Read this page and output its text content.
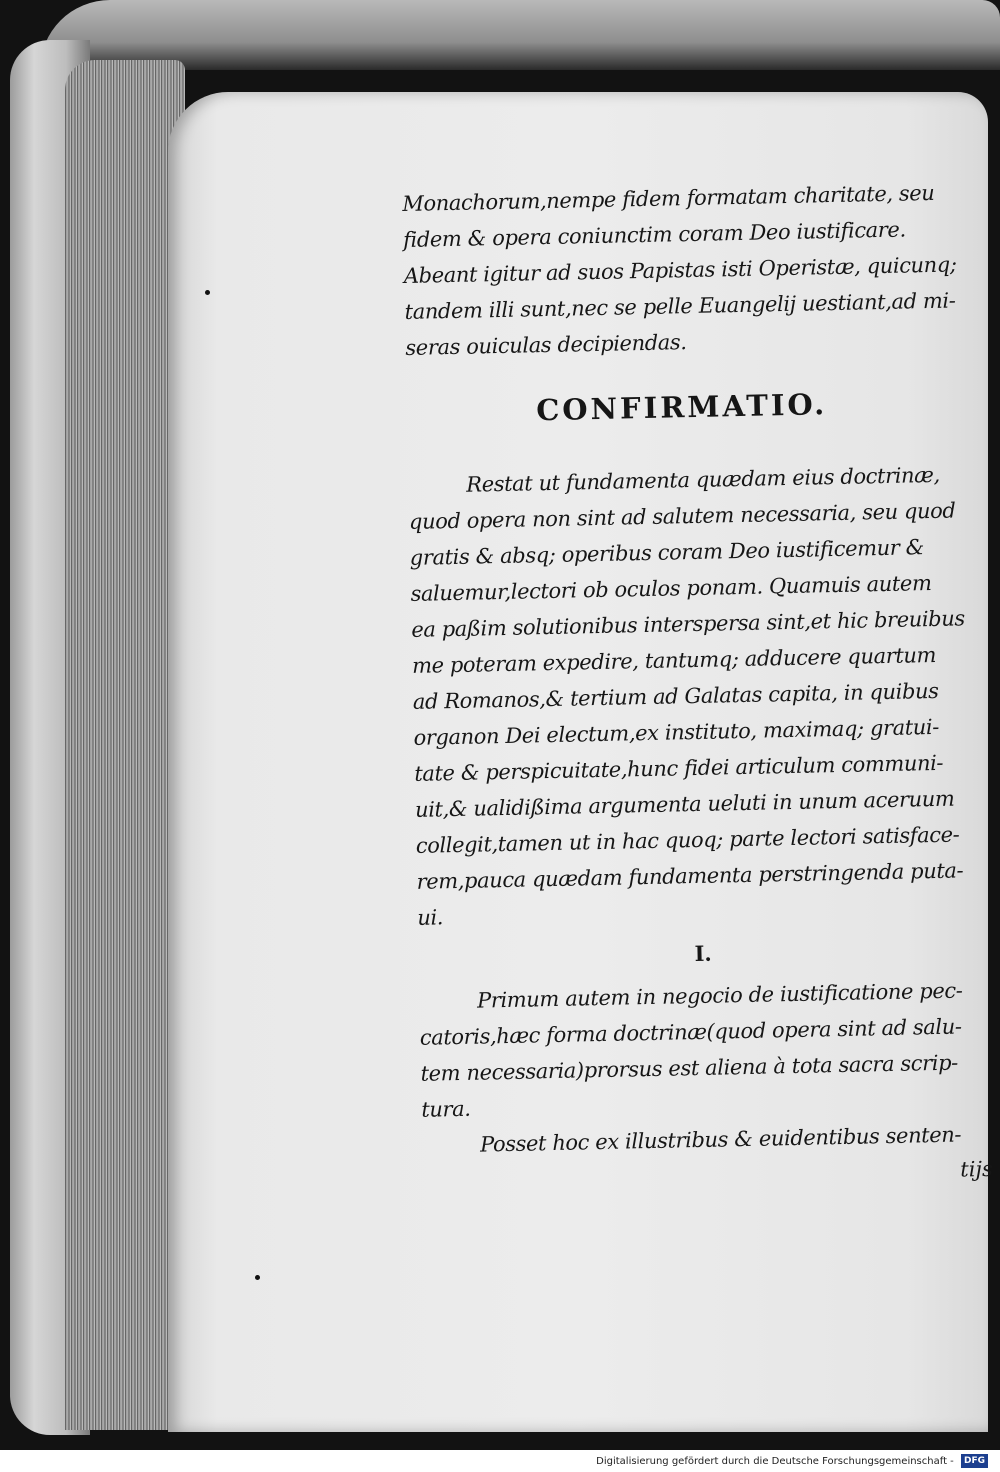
Monachorum,nempe fidem formatam charitate, seu
fidem & opera coniunctim coram Deo iustificare.
Abeant igitur ad suos Papistas isti Operistæ, quicunq;
tandem illi sunt,nec se pelle Euangelij uestiant,ad mi-
seras ouiculas decipiendas.
CONFIRMATIO.
Restat ut fundamenta quædam eius doctrinæ,
quod opera non sint ad salutem necessaria, seu quod
gratis & absq; operibus coram Deo iustificemur &
saluemur,lectori ob oculos ponam. Quamuis autem
ea paßim solutionibus interspersa sint,et hic breuibus
me poteram expedire, tantumq; adducere quartum
ad Romanos,& tertium ad Galatas capita, in quibus
organon Dei electum,ex instituto, maximaq; gratui-
tate & perspicuitate,hunc fidei articulum communi-
uit,& ualidißima argumenta ueluti in unum aceruum
collegit,tamen ut in hac quoq; parte lectori satisface-
rem,pauca quædam fundamenta perstringenda puta-
ui.
I.
Primum autem in negocio de iustificatione pec-
catoris,hæc forma doctrinæ(quod opera sint ad salu-
tem necessaria)prorsus est aliena à tota sacra scrip-
tura.
Posset hoc ex illustribus & euidentibus senten-
tijs
Digitalisierung gefördert durch die Deutsche Forschungsgemeinschaft - DFG
